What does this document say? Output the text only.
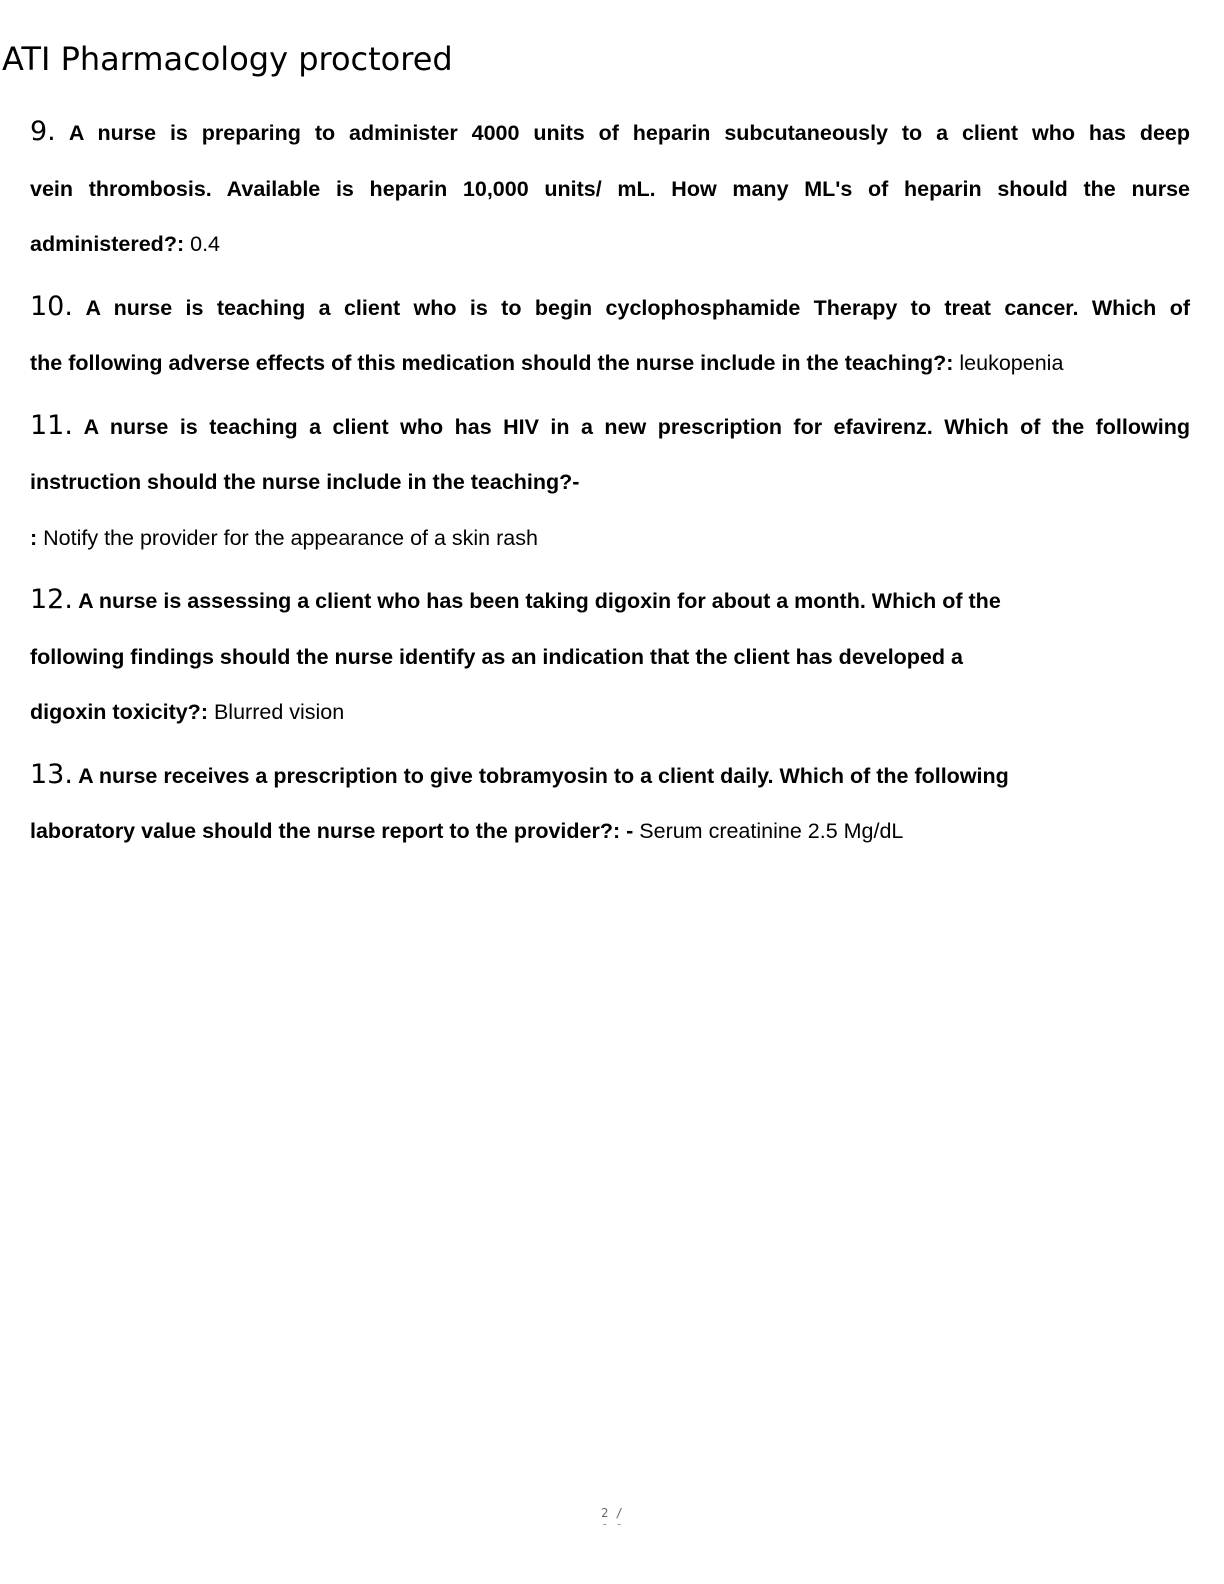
ATI Pharmacology proctored
9. A nurse is preparing to administer 4000 units of heparin subcutaneously to a client who has deep
vein thrombosis. Available is heparin 10,000 units/ mL. How many ML's of heparin should the nurse
administered?: 0.4
10. A nurse is teaching a client who is to begin cyclophosphamide Therapy to treat cancer. Which of
the following adverse effects of this medication should the nurse include in the teaching?: leukopenia
11. A nurse is teaching a client who has HIV in a new prescription for efavirenz. Which of the following
instruction should the nurse include in the teaching?-
: Notify the provider for the appearance of a skin rash
12. A nurse is assessing a client who has been taking digoxin for about a month. Which of the
following findings should the nurse identify as an indication that the client has developed a
digoxin toxicity?: Blurred vision
13. A nurse receives a prescription to give tobramyosin to a client daily. Which of the following
laboratory value should the nurse report to the provider?: - Serum creatinine 2.5 Mg/dL
2 /
- -
